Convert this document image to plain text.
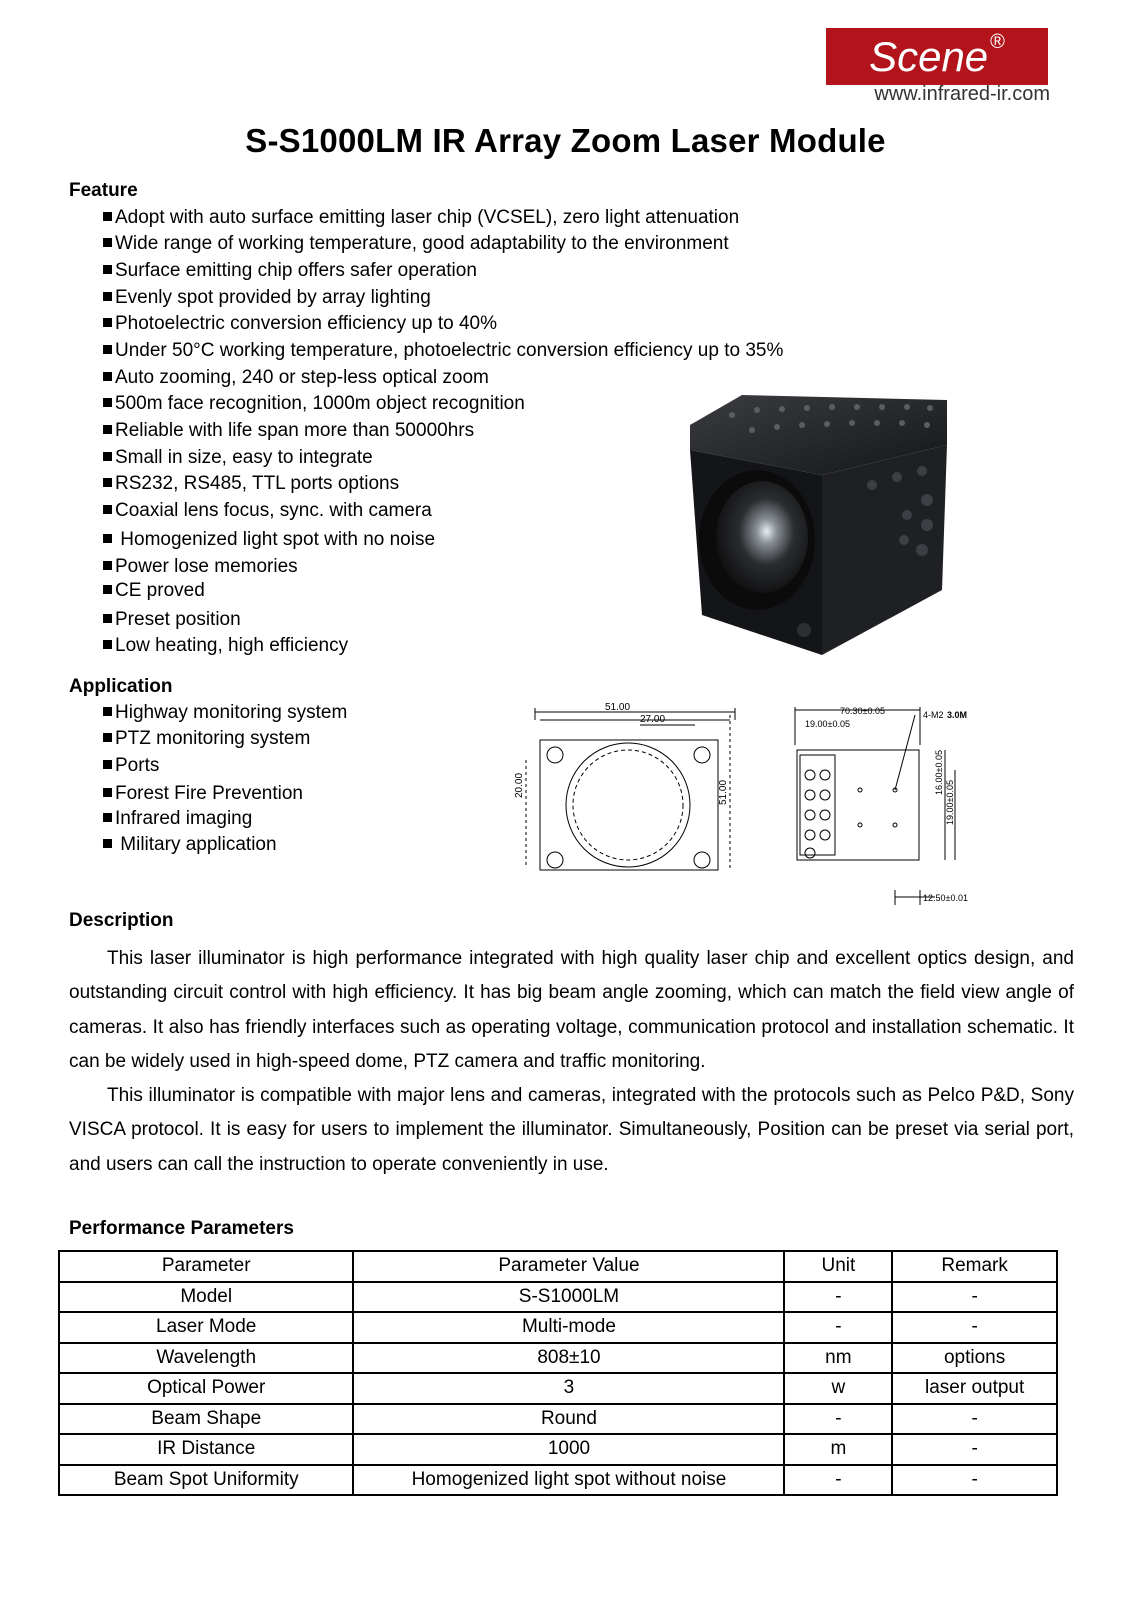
Scene ®
www.infrared-ir.com
S-S1000LM IR Array Zoom Laser Module
Feature
Adopt with auto surface emitting laser chip (VCSEL), zero light attenuation
Wide range of working temperature, good adaptability to the environment
Surface emitting chip offers safer operation
Evenly spot provided by array lighting
Photoelectric conversion efficiency up to 40%
Under 50°C working temperature, photoelectric conversion efficiency up to 35%
Auto zooming, 240 or step-less optical zoom
500m face recognition, 1000m object recognition
Reliable with life span more than 50000hrs
Small in size, easy to integrate
RS232, RS485, TTL ports options
Coaxial lens focus, sync. with camera
Homogenized light spot with no noise
Power lose memories
CE proved
Preset position
Low heating, high efficiency
51.00
27.00
20.00	51.00
70.30±0.05
19.00±0.05
4-M2 3.0M
16.00±0.05
19.00±0.05
12.50±0.01
Application
Highway monitoring system
PTZ monitoring system
Ports
Forest Fire Prevention
Infrared imaging
Military application
Description

This laser illuminator is high performance integrated with high quality laser chip and excellent optics design, and outstanding circuit control with high efficiency. It has big beam angle zooming, which can match the field view angle of cameras. It also has friendly interfaces such as operating voltage, communication protocol and installation schematic. It can be widely used in high-speed dome, PTZ camera and traffic monitoring.

This illuminator is compatible with major lens and cameras, integrated with the protocols such as Pelco P&D, Sony VISCA protocol. It is easy for users to implement the illuminator. Simultaneously, Position can be preset via serial port, and users can call the instruction to operate conveniently in use.

Performance Parameters
Parameter	Parameter Value	Unit	Remark
Model	S-S1000LM	-	-
Laser Mode	Multi-mode	-	-
Wavelength	808±10	nm	options
Optical Power	3	w	laser output
Beam Shape	Round	-	-
IR Distance	1000	m	-
Beam Spot Uniformity	Homogenized light spot without noise	-	-
